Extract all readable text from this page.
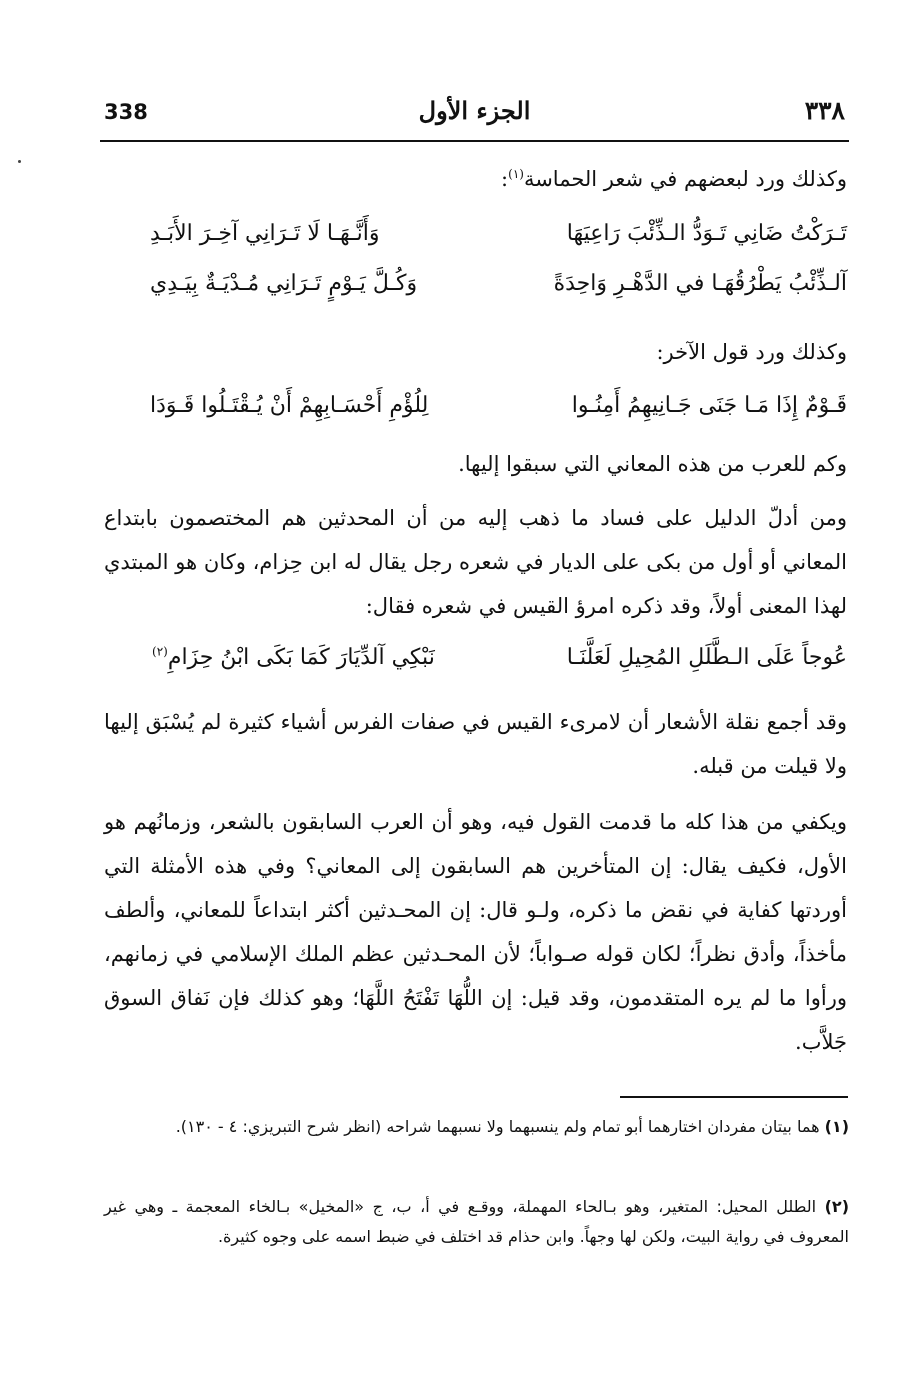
338	الجزء الأول	٣٣٨
وكذلك ورد لبعضهم في شعر الحماسة$^{(١)}$:
تَـرَكْتُ ضَانِي تَـوَدُّ الـذِّئْبَ رَاعِيَهَا
وَأَنَّـهَـا لَا تَـرَانِي آخِـرَ الأَبَـدِ
آلـذِّئْبُ يَطْرُقُهَـا في الدَّهْـرِ وَاحِدَةً
وَكُـلَّ يَـوْمٍ تَـرَانِي مُـدْيَـةٌ بِيَـدِي
وكذلك ورد قول الآخر:
قَـوْمٌ إِذَا مَـا جَنَى جَـانِيهِمُ أَمِنُـوا
لِلُؤْمِ أَحْسَـابِهِمْ أَنْ يُـقْتَـلُوا قَـوَدَا
وكم للعرب من هذه المعاني التي سبقوا إليها.

ومن أدلّ الدليل على فساد ما ذهب إليه من أن المحدثين هم المختصمون بابتداع المعاني أو أول من بكى على الديار في شعره رجل يقال له ابن حِزام، وكان هو المبتدي لهذا المعنى أولاً، وقد ذكره امرؤ القيس في شعره فقال:

عُوجاً عَلَى الـطَّلَلِ المُحِيلِ لَعَلَّنَـا
نَبْكِي آلدِّيَارَ كَمَا بَكَى ابْنُ حِزَامِ$^{(٢)}$

وقد أجمع نقلة الأشعار أن لامرىء القيس في صفات الفرس أشياء كثيرة لم يُسْبَق إليها ولا قيلت من قبله.

ويكفي من هذا كله ما قدمت القول فيه، وهو أن العرب السابقون بالشعر، وزمانُهم هو الأول، فكيف يقال: إن المتأخرين هم السابقون إلى المعاني؟ وفي هذه الأمثلة التي أوردتها كفاية في نقض ما ذكره، ولـو قال: إن المحـدثين أكثر ابتداعاً للمعاني، وألطف مأخذاً، وأدق نظراً؛ لكان قوله صـواباً؛ لأن المحـدثين عظم الملك الإسلامي في زمانهم، ورأوا ما لم يره المتقدمون، وقد قيل: إن اللُّهَا تَفْتَحُ اللَّهَا؛ وهو كذلك فإن نَفاق السوق جَلاَّب.

(١) هما بيتان مفردان اختارهما أبو تمام ولم ينسبهما ولا نسبهما شراحه (انظر شرح التبريزي: ٤ - ١٣٠).
(٢) الطلل المحيل: المتغير، وهو بـالحاء المهملة، ووقـع في أ، ب، ج «المخيل» بـالخاء المعجمة ـ وهي غير المعروف في رواية البيت، ولكن لها وجهاً. وابن حذام قد اختلف في ضبط اسمه على وجوه كثيرة.
